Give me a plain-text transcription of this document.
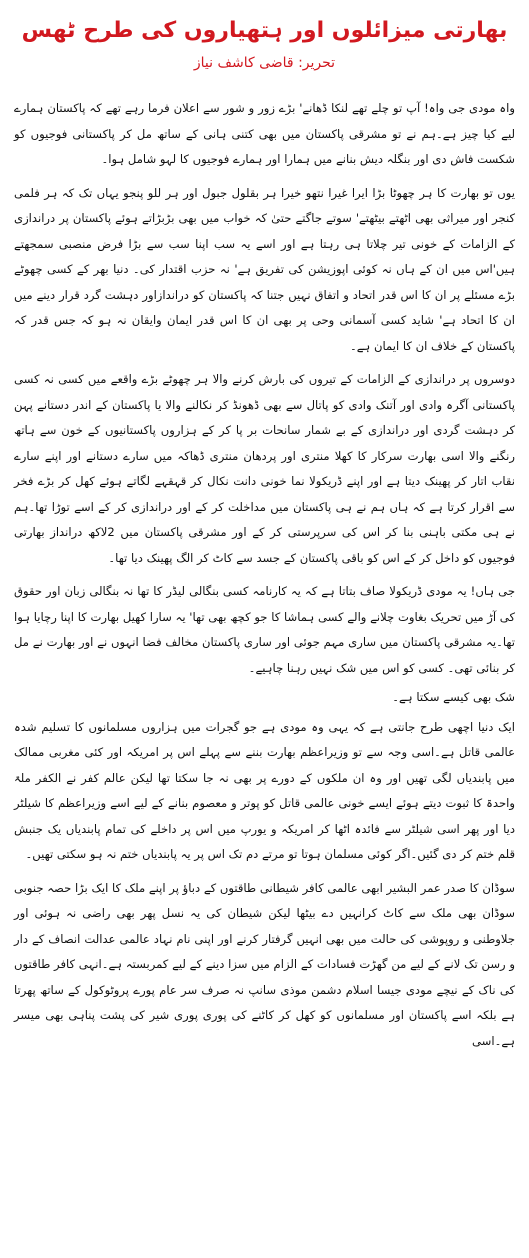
بھارتی میزائلوں اور ہتھیاروں کی طرح ٹھس
تحریر: قاضی کاشف نیاز

واہ مودی جی واہ! آپ تو چلے تھے لنکا ڈھانے' بڑے زور و شور سے اعلان فرما رہے تھے کہ پاکستان ہمارے لیے کیا چیز ہے۔ہم نے تو مشرقی پاکستان میں بھی کتنی ہانی کے ساتھ مل کر پاکستانی فوجیوں کو شکست فاش دی اور بنگلہ دیش بنانے میں ہمارا اور ہمارے فوجیوں کا لہو شامل ہوا۔

یوں تو بھارت کا ہر چھوٹا بڑا ایرا غیرا نتھو خیرا ہر بقلول جبول اور ہر للو پنجو یہاں تک کہ ہر فلمی کنجر اور میراثی بھی اٹھتے بیٹھتے' سوتے جاگتے حتیٰ کہ خواب میں بھی بڑبڑاتے ہوئے پاکستان پر دراندازی کے الزامات کے خونی تیر چلاتا ہی رہتا ہے اور اسے یہ سب اپنا سب سے بڑا فرض منصبی سمجھتے ہیں'اس میں ان کے ہاں نہ کوئی اپوزیشن کی تفریق ہے' نہ حزب اقتدار کی۔ دنیا بھر کے کسی چھوٹے بڑے مسئلے پر ان کا اس قدر اتحاد و اتفاق نہیں جتنا کہ پاکستان کو دراندازاور دہشت گرد قرار دینے میں ان کا اتحاد ہے' شاید کسی آسمانی وحی پر بھی ان کا اس قدر ایمان وایقان نہ ہو کہ جس قدر کہ پاکستان کے خلاف ان کا ایمان ہے۔

دوسروں پر دراندازی کے الزامات کے تیروں کی بارش کرنے والا ہر چھوٹے بڑے واقعے میں کسی نہ کسی پاکستانی آگرہ وادی اور آتنک وادی کو پاتال سے بھی ڈھونڈ کر نکالنے والا یا پاکستان کے اندر دستانے پہن کر دہشت گردی اور دراندازی کے بے شمار سانحات بر پا کر کے ہزاروں پاکستانیوں کے خون سے ہاتھ رنگنے والا اسی بھارت سرکار کا کھلا منتری اور پردھان منتری ڈھاکہ میں سارے دستانے اور اپنے سارے نقاب اتار کر پھینک دیتا ہے اور اپنے ڈریکولا نما خونی دانت نکال کر قہقہے لگاتے ہوئے کھل کر بڑے فخر سے اقرار کرتا ہے کہ ہاں ہم نے ہی پاکستان میں مداخلت کر کے اور دراندازی کر کے اسے توڑا تھا۔ہم نے ہی مکتی باہنی بنا کر اس کی سرپرستی کر کے اور مشرقی پاکستان میں 2لاکھ درانداز بھارتی فوجیوں کو داخل کر کے اس کو باقی پاکستان کے جسد سے کاٹ کر الگ پھینک دیا تھا۔

جی ہاں! یہ مودی ڈریکولا صاف بتاتا ہے کہ یہ کارنامہ کسی بنگالی لیڈر کا تھا نہ بنگالی زبان اور حقوق کی آڑ میں تحریک بغاوت چلانے والے کسی ہماشا کا جو کچھ بھی تھا' یہ سارا کھیل بھارت کا اپنا رچایا ہوا تھا۔یہ مشرقی پاکستان میں ساری مہم جوئی اور ساری پاکستان مخالف فضا انہوں نے اور بھارت نے مل کر بنائی تھی۔ کسی کو اس میں شک نہیں رہنا چاہیے۔

شک بھی کیسے سکتا ہے۔

ایک دنیا اچھی طرح جانتی ہے کہ یہی وہ مودی ہے جو گجرات میں ہزاروں مسلمانوں کا تسلیم شدہ عالمی قاتل ہے۔اسی وجہ سے تو وزیراعظم بھارت بننے سے پہلے اس پر امریکہ اور کئی مغربی ممالک میں پابندیاں لگی تھیں اور وہ ان ملکوں کے دورے پر بھی نہ جا سکتا تھا لیکن عالم کفر نے الکفر ملۃ واحدۃ کا ثبوت دیتے ہوئے ایسے خونی عالمی قاتل کو پوتر و معصوم بنانے کے لیے اسے وزیراعظم کا شیلٹر دیا اور پھر اسی شیلٹر سے فائدہ اٹھا کر امریکہ و یورپ میں اس پر داخلے کی تمام پابندیاں یک جنبش قلم ختم کر دی گئیں۔اگر کوئی مسلمان ہوتا تو مرتے دم تک اس پر یہ پابندیاں ختم نہ ہو سکتی تھیں۔

سوڈان کا صدر عمر البشیر ابھی عالمی کافر شیطانی طاقتوں کے دباؤ پر اپنے ملک کا ایک بڑا حصہ جنوبی سوڈان بھی ملک سے کاٹ کرانہیں دے بیٹھا لیکن شیطان کی یہ نسل پھر بھی راضی نہ ہوئی اور جلاوطنی و روپوشی کی حالت میں بھی انہیں گرفتار کرنے اور اپنی نام نہاد عالمی عدالت انصاف کے دار و رسن تک لانے کے لیے من گھڑت فسادات کے الزام میں سزا دینے کے لیے کمربستہ ہے۔انہی کافر طاقتوں کی ناک کے نیچے مودی جیسا اسلام دشمن موذی سانپ نہ صرف سر عام پورے پروٹوکول کے ساتھ پھرتا ہے بلکہ اسے پاکستان اور مسلمانوں کو کھل کر کاٹنے کی پوری پوری شیر کی پشت پناہی بھی میسر ہے۔اسی
